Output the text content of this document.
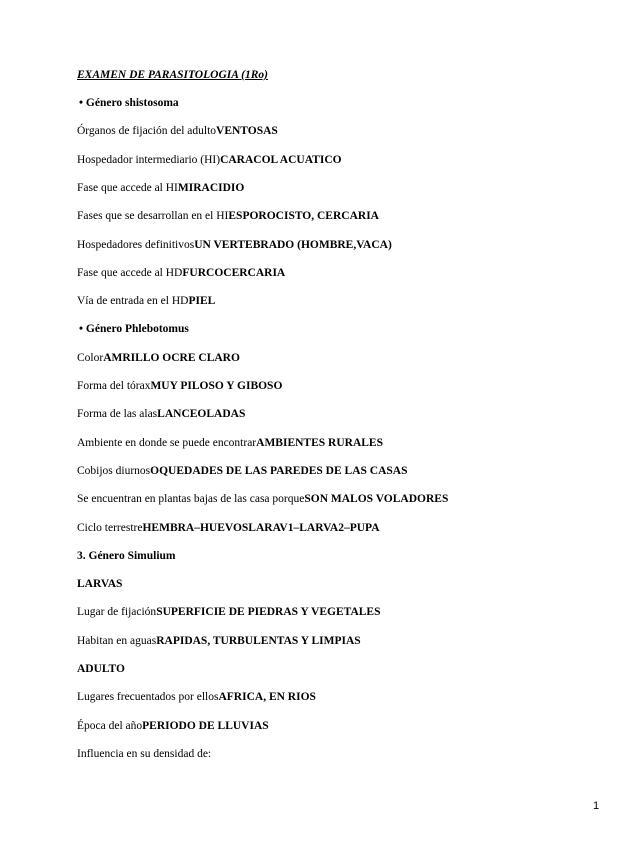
EXAMEN DE PARASITOLOGIA (1Ro)
• Género shistosoma
Órganos de fijación del adultoVENTOSAS
Hospedador intermediario (HI)CARACOL ACUATICO
Fase que accede al HIMIRACIDIO
Fases que se desarrollan en el HIESPOROCISTO, CERCARIA
Hospedadores definitivosUN VERTEBRADO (HOMBRE,VACA)
Fase que accede al HDFURCOCERCARIA
Vía de entrada en el HDPIEL
• Género Phlebotomus
ColorAMRILLO OCRE CLARO
Forma del tóraxMUY PILOSO Y GIBOSO
Forma de las alasLANCEOLADAS
Ambiente en donde se puede encontrarAMBIENTES RURALES
Cobijos diurnosOQUEDADES DE LAS PAREDES DE LAS CASAS
Se encuentran en plantas bajas de las casa porqueSON MALOS VOLADORES
Ciclo terrestreHEMBRA–HUEVOSLARAV1–LARVA2–PUPA
3. Género Simulium
LARVAS
Lugar de fijaciónSUPERFICIE DE PIEDRAS Y VEGETALES
Habitan en aguasRAPIDAS, TURBULENTAS Y LIMPIAS
ADULTO
Lugares frecuentados por ellosAFRICA, EN RIOS
Época del añoPERIODO DE LLUVIAS
Influencia en su densidad de:
1
